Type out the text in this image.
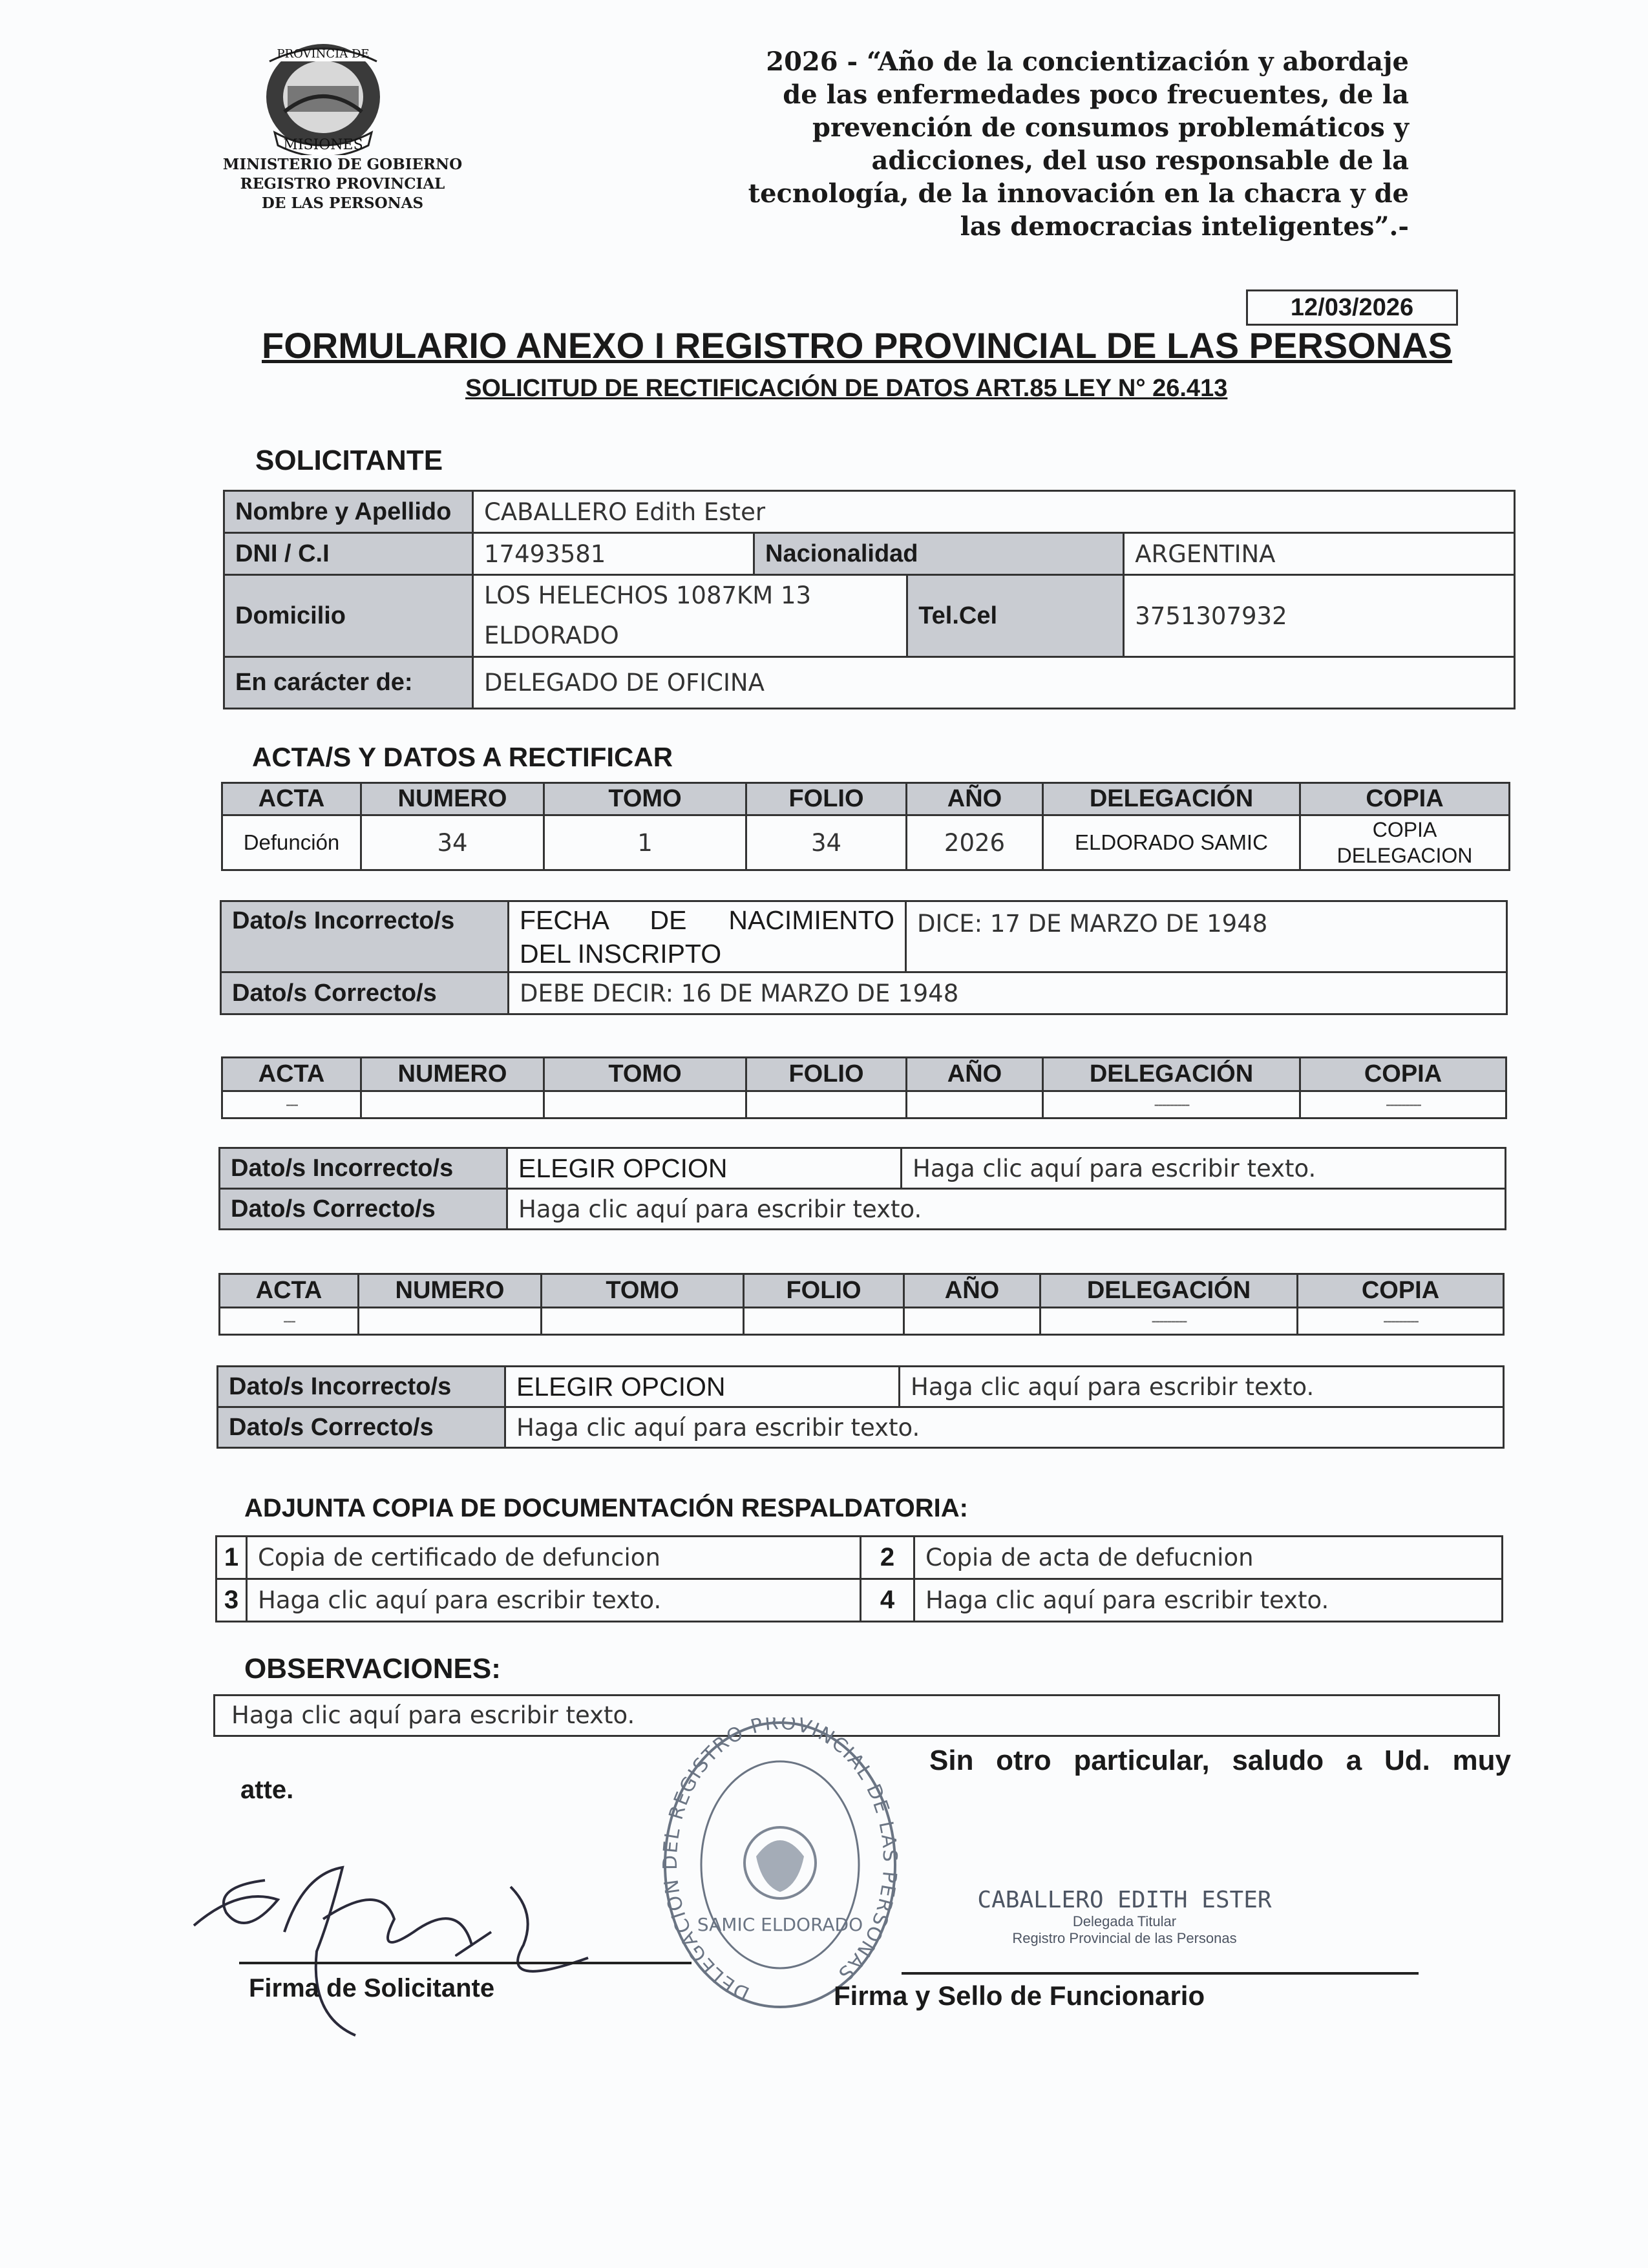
PROVINCIA DE
MISIONES
MINISTERIO DE GOBIERNO
REGISTRO PROVINCIAL
DE LAS PERSONAS
2026 - “Año de la concientización y abordaje
de las enfermedades poco frecuentes, de la
prevención de consumos problemáticos y
adicciones, del uso responsable de la
tecnología, de la innovación en la chacra y de
las democracias inteligentes”.-
12/03/2026
FORMULARIO ANEXO I REGISTRO PROVINCIAL DE LAS PERSONAS
SOLICITUD DE RECTIFICACIÓN DE DATOS ART.85 LEY N° 26.413
SOLICITANTE
Nombre y Apellido	CABALLERO Edith Ester			
DNI / C.I	17493581	Nacionalidad		ARGENTINA
Domicilio	LOS HELECHOS 1087KM 13
ELDORADO		Tel.Cel	3751307932
En carácter de:	DELEGADO DE OFICINA			
ACTA/S Y DATOS A RECTIFICAR
ACTA	NUMERO	TOMO	FOLIO	AÑO	DELEGACIÓN	COPIA
Defunción	34	1	34	2026	ELDORADO SAMIC	COPIA
DELEGACION
Dato/s Incorrecto/s	FECHA DE NACIMIENTO
DEL INSCRIPTO	DICE: 17 DE MARZO DE 1948
Dato/s Correcto/s	DEBE DECIR: 16 DE MARZO DE 1948	
ACTA	NUMERO	TOMO	FOLIO	AÑO	DELEGACIÓN	COPIA
---					---------	---------
Dato/s Incorrecto/s	ELEGIR OPCION	Haga clic aquí para escribir texto.
Dato/s Correcto/s	Haga clic aquí para escribir texto.	
ACTA	NUMERO	TOMO	FOLIO	AÑO	DELEGACIÓN	COPIA
---					---------	---------
Dato/s Incorrecto/s	ELEGIR OPCION	Haga clic aquí para escribir texto.
Dato/s Correcto/s	Haga clic aquí para escribir texto.	
ADJUNTA COPIA DE DOCUMENTACIÓN RESPALDATORIA:
1	Copia de certificado de defuncion	2	Copia de acta de defucnion
3	Haga clic aquí para escribir texto.	4	Haga clic aquí para escribir texto.
OBSERVACIONES:
Haga clic aquí para escribir texto.
Sin otro particular, saludo a Ud. muy
atte.
DELEGACION DEL REGISTRO PROVINCIAL DE LAS PERSONAS
SAMIC ELDORADO
CABALLERO EDITH ESTER
Delegada Titular
Registro Provincial de las Personas
Firma de Solicitante	Firma y Sello de Funcionario
